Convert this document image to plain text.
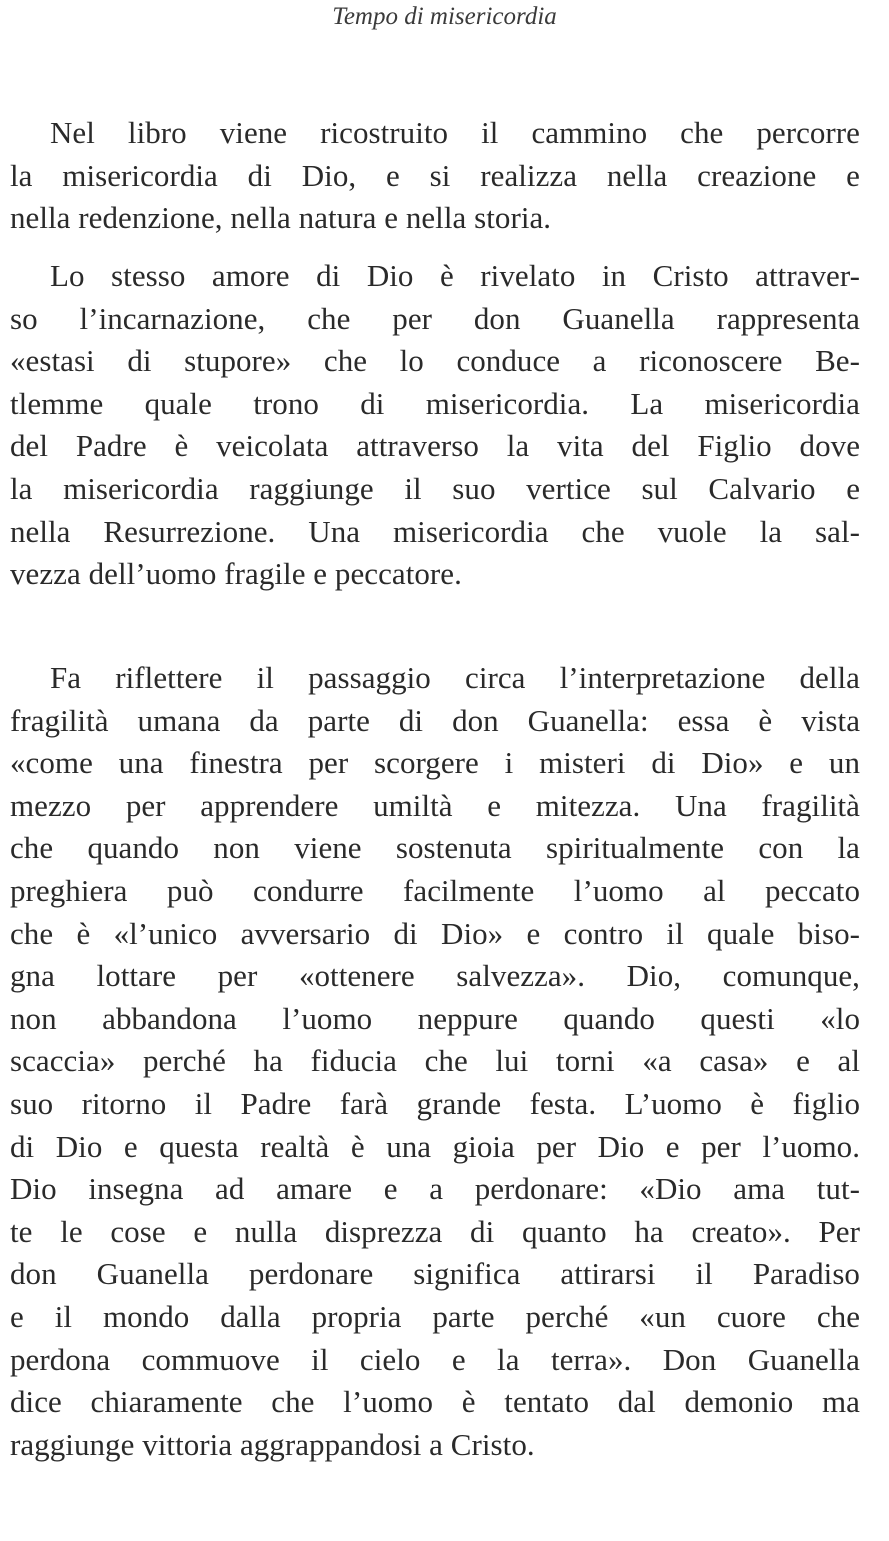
Tempo di misericordia
Nel libro viene ricostruito il cammino che percorre
la misericordia di Dio, e si realizza nella creazione e
nella redenzione, nella natura e nella storia.
Lo stesso amore di Dio è rivelato in Cristo attraver-
so l’incarnazione, che per don Guanella rappresenta
«estasi di stupore» che lo conduce a riconoscere Be-
tlemme quale trono di misericordia. La misericordia
del Padre è veicolata attraverso la vita del Figlio dove
la misericordia raggiunge il suo vertice sul Calvario e
nella Resurrezione. Una misericordia che vuole la sal-
vezza dell’uomo fragile e peccatore.
Fa riflettere il passaggio circa l’interpretazione della
fragilità umana da parte di don Guanella: essa è vista
«come una finestra per scorgere i misteri di Dio» e un
mezzo per apprendere umiltà e mitezza. Una fragilità
che quando non viene sostenuta spiritualmente con la
preghiera può condurre facilmente l’uomo al peccato
che è «l’unico avversario di Dio» e contro il quale biso-
gna lottare per «ottenere salvezza». Dio, comunque,
non abbandona l’uomo neppure quando questi «lo
scaccia» perché ha fiducia che lui torni «a casa» e al
suo ritorno il Padre farà grande festa. L’uomo è figlio
di Dio e questa realtà è una gioia per Dio e per l’uomo.
Dio insegna ad amare e a perdonare: «Dio ama tut-
te le cose e nulla disprezza di quanto ha creato». Per
don Guanella perdonare significa attirarsi il Paradiso
e il mondo dalla propria parte perché «un cuore che
perdona commuove il cielo e la terra». Don Guanella
dice chiaramente che l’uomo è tentato dal demonio ma
raggiunge vittoria aggrappandosi a Cristo.
